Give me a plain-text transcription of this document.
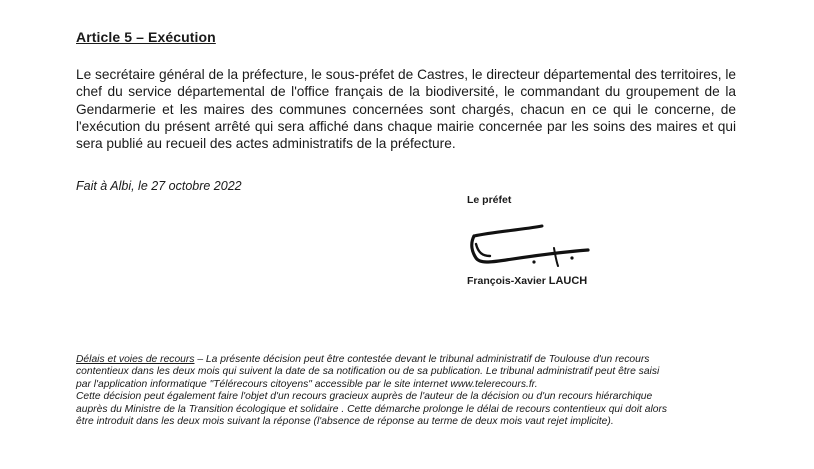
Article 5 – Exécution

Le secrétaire général de la préfecture, le sous-préfet de Castres, le directeur départemental des territoires, le chef du service départemental de l'office français de la biodiversité, le commandant du groupement de la Gendarmerie et les maires des communes concernées sont chargés, chacun en ce qui le concerne, de l'exécution du présent arrêté qui sera affiché dans chaque mairie concernée par les soins des maires et qui sera publié au recueil des actes administratifs de la préfecture.

Fait à Albi, le 27 octobre 2022
Le préfet
François-Xavier LAUCH
Délais et voies de recours – La présente décision peut être contestée devant le tribunal administratif de Toulouse d'un recours
contentieux dans les deux mois qui suivent la date de sa notification ou de sa publication. Le tribunal administratif peut être saisi
par l'application informatique "Télérecours citoyens" accessible par le site internet www.telerecours.fr.
Cette décision peut également faire l'objet d'un recours gracieux auprès de l'auteur de la décision ou d'un recours hiérarchique
auprès du Ministre de la Transition écologique et solidaire . Cette démarche prolonge le délai de recours contentieux qui doit alors
être introduit dans les deux mois suivant la réponse (l'absence de réponse au terme de deux mois vaut rejet implicite).
